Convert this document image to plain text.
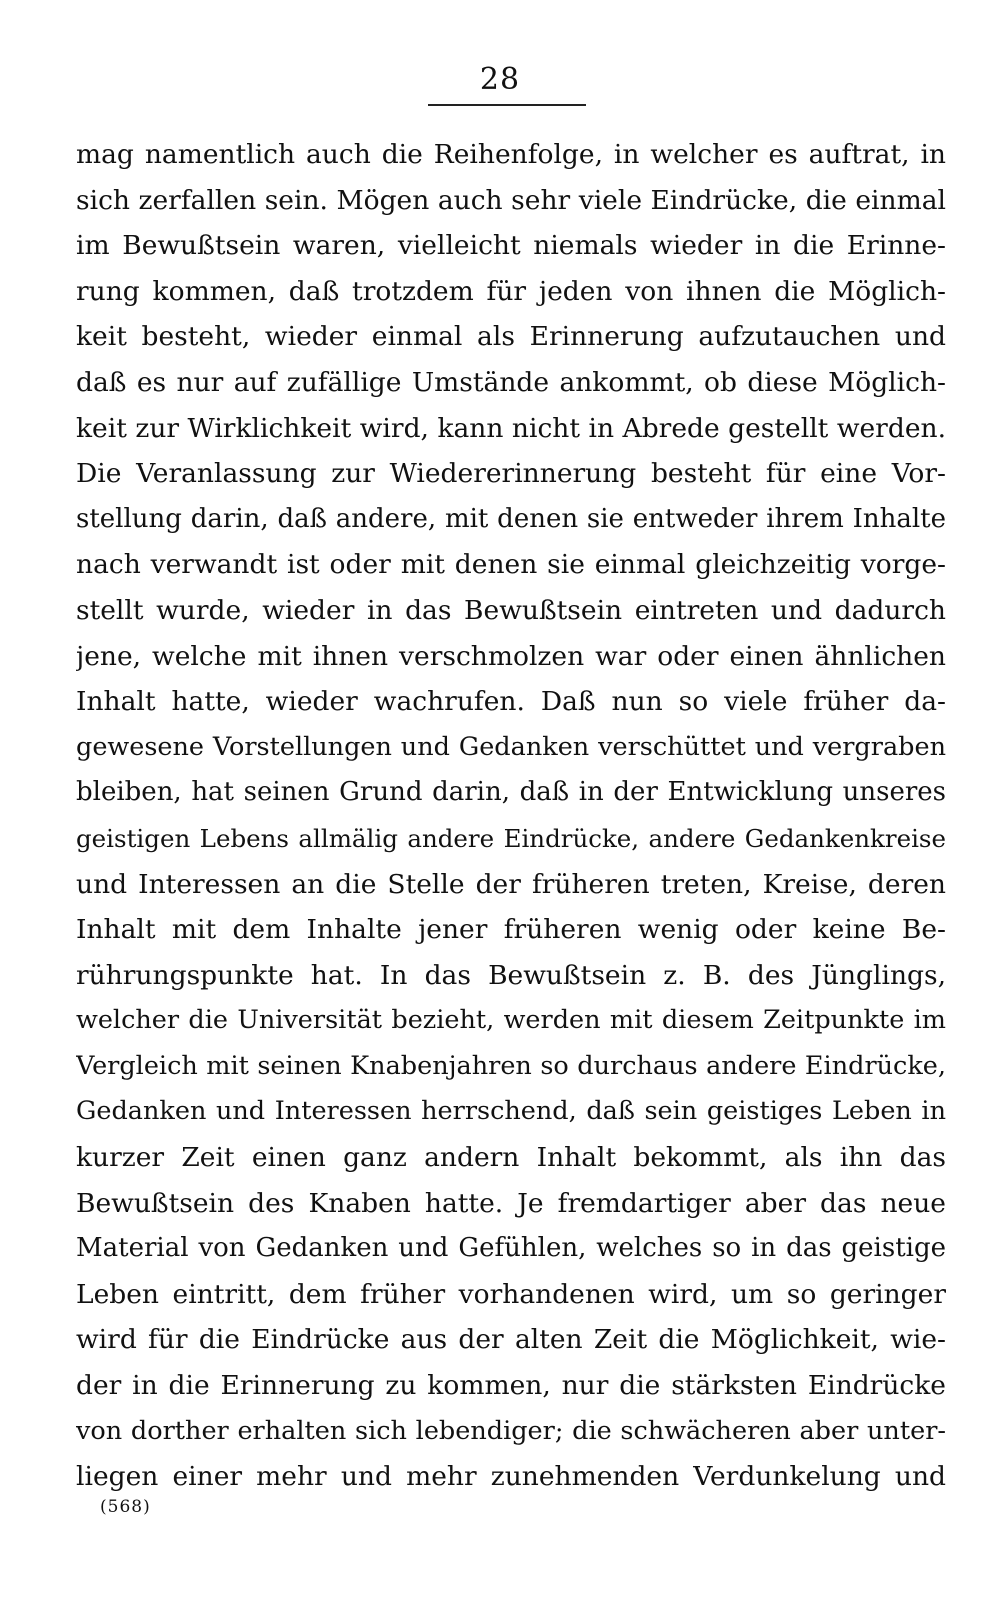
28
mag namentlich auch die Reihenfolge, in welcher es auftrat, in
sich zerfallen sein. Mögen auch sehr viele Eindrücke, die einmal
im Bewußtsein waren, vielleicht niemals wieder in die Erinne-
rung kommen, daß trotzdem für jeden von ihnen die Möglich-
keit besteht, wieder einmal als Erinnerung aufzutauchen und
daß es nur auf zufällige Umstände ankommt, ob diese Möglich-
keit zur Wirklichkeit wird, kann nicht in Abrede gestellt werden.
Die Veranlassung zur Wiedererinnerung besteht für eine Vor-
stellung darin, daß andere, mit denen sie entweder ihrem Inhalte
nach verwandt ist oder mit denen sie einmal gleichzeitig vorge-
stellt wurde, wieder in das Bewußtsein eintreten und dadurch
jene, welche mit ihnen verschmolzen war oder einen ähnlichen
Inhalt hatte, wieder wachrufen. Daß nun so viele früher da-
gewesene Vorstellungen und Gedanken verschüttet und vergraben
bleiben, hat seinen Grund darin, daß in der Entwicklung unseres
geistigen Lebens allmälig andere Eindrücke, andere Gedankenkreise
und Interessen an die Stelle der früheren treten, Kreise, deren
Inhalt mit dem Inhalte jener früheren wenig oder keine Be-
rührungspunkte hat. In das Bewußtsein z. B. des Jünglings,
welcher die Universität bezieht, werden mit diesem Zeitpunkte im
Vergleich mit seinen Knabenjahren so durchaus andere Eindrücke,
Gedanken und Interessen herrschend, daß sein geistiges Leben in
kurzer Zeit einen ganz andern Inhalt bekommt, als ihn das
Bewußtsein des Knaben hatte. Je fremdartiger aber das neue
Material von Gedanken und Gefühlen, welches so in das geistige
Leben eintritt, dem früher vorhandenen wird, um so geringer
wird für die Eindrücke aus der alten Zeit die Möglichkeit, wie-
der in die Erinnerung zu kommen, nur die stärksten Eindrücke
von dorther erhalten sich lebendiger; die schwächeren aber unter-
liegen einer mehr und mehr zunehmenden Verdunkelung und
(568)
